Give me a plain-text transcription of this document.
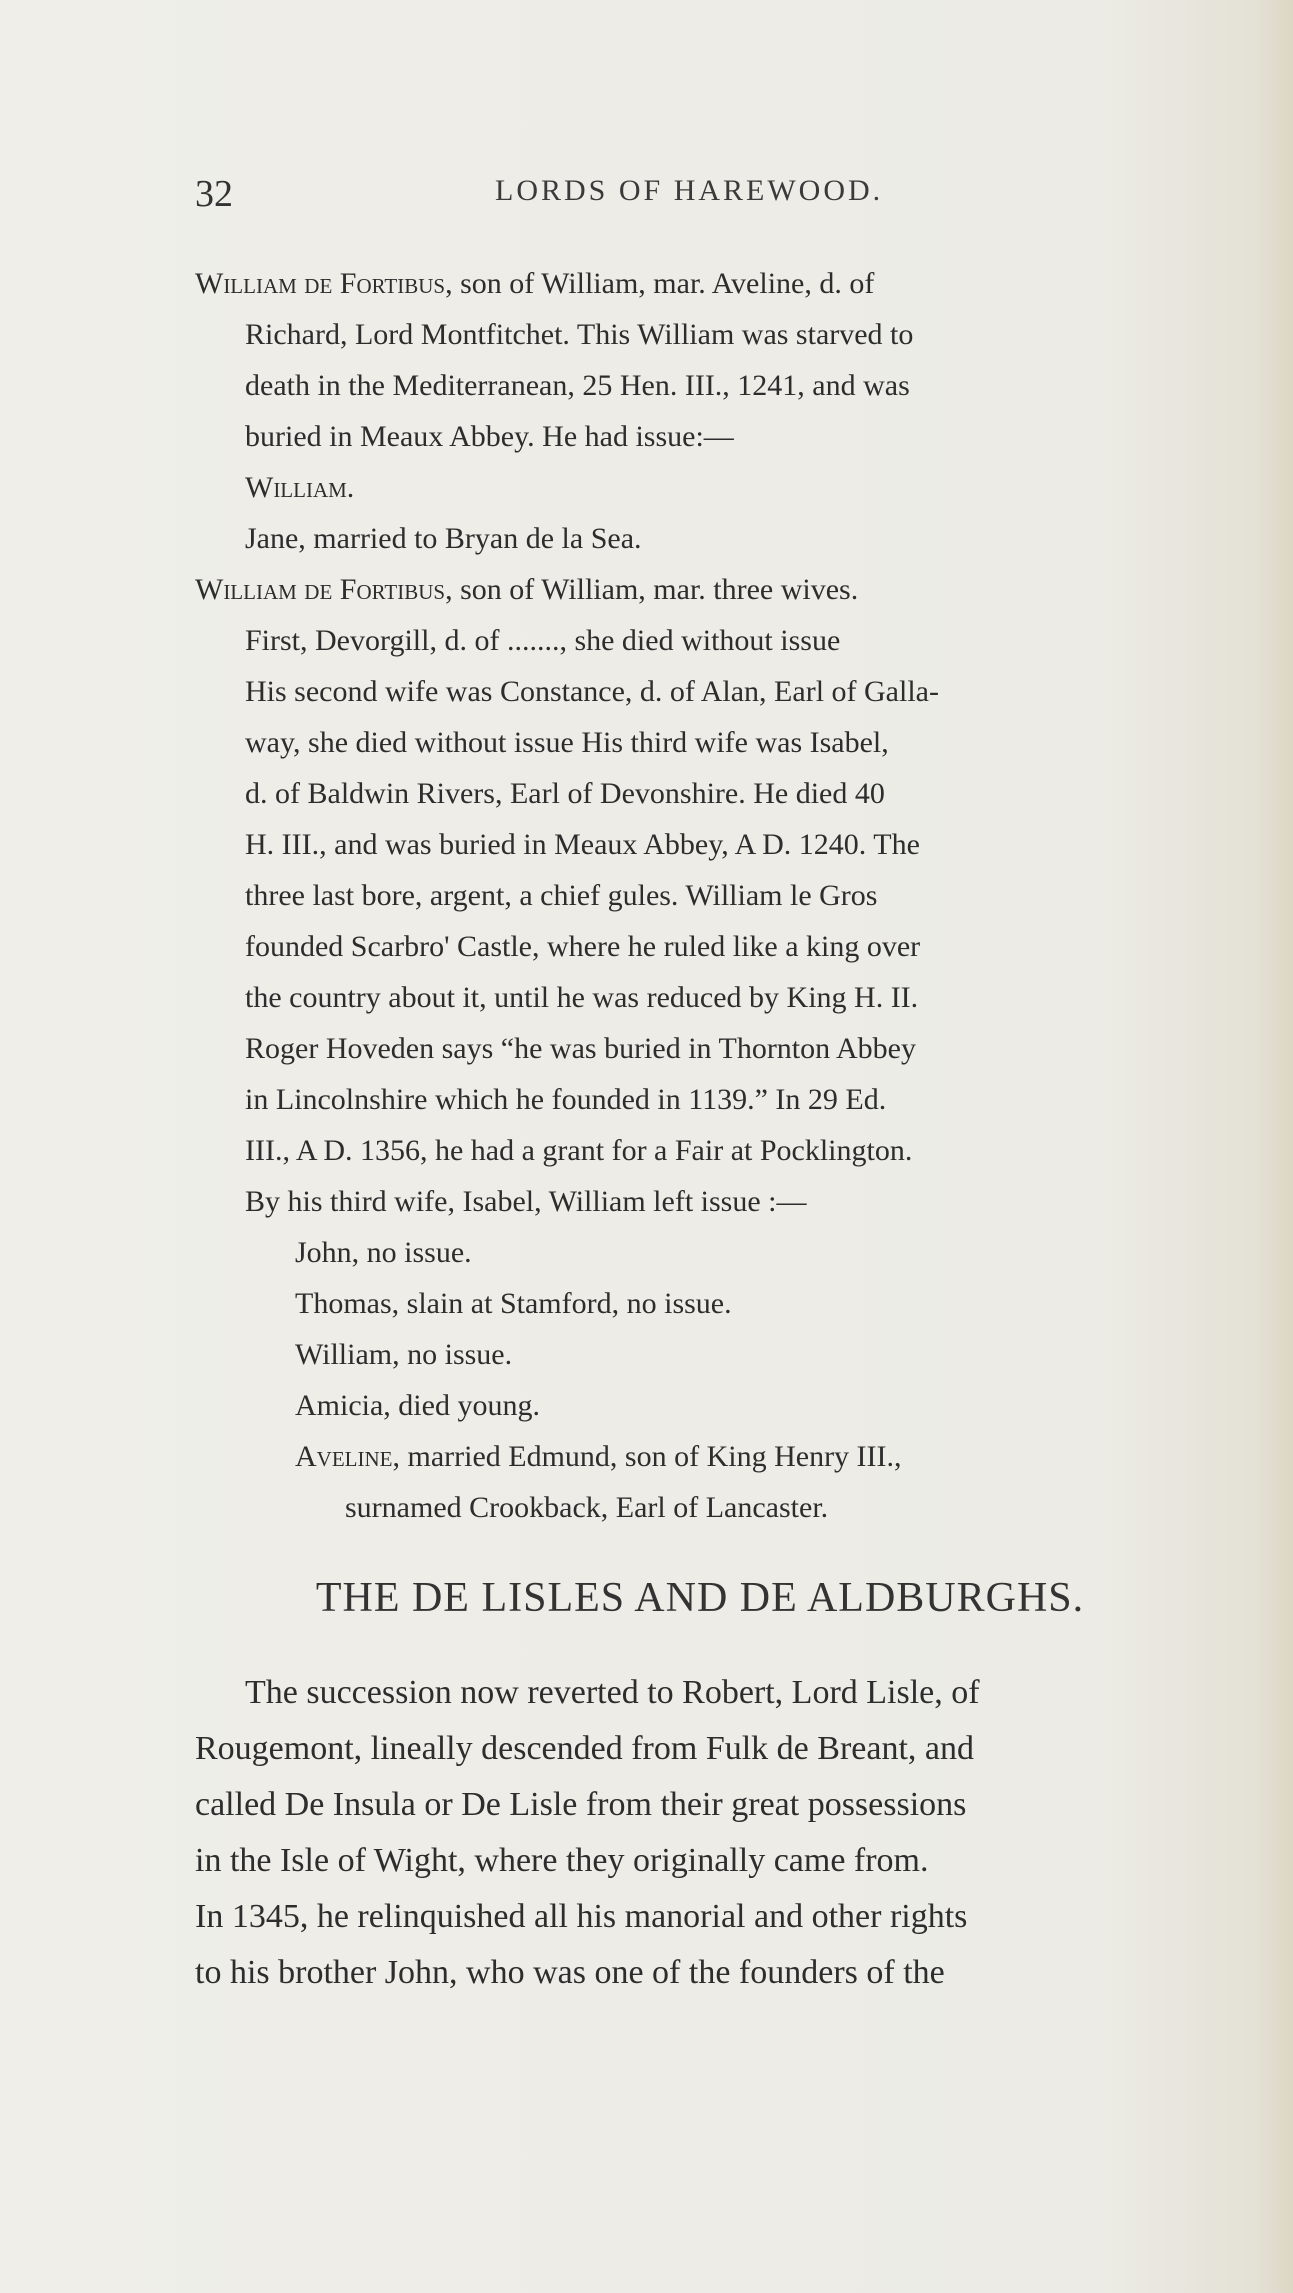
32	LORDS OF HAREWOOD.
William de Fortibus, son of William, mar. Aveline, d. of
Richard, Lord Montfitchet. This William was starved to
death in the Mediterranean, 25 Hen. III., 1241, and was
buried in Meaux Abbey. He had issue:—
William.
Jane, married to Bryan de la Sea.
William de Fortibus, son of William, mar. three wives.
First, Devorgill, d. of ......., she died without issue
His second wife was Constance, d. of Alan, Earl of Galla-
way, she died without issue His third wife was Isabel,
d. of Baldwin Rivers, Earl of Devonshire. He died 40
H. III., and was buried in Meaux Abbey, A D. 1240. The
three last bore, argent, a chief gules. William le Gros
founded Scarbro' Castle, where he ruled like a king over
the country about it, until he was reduced by King H. II.
Roger Hoveden says “he was buried in Thornton Abbey
in Lincolnshire which he founded in 1139.” In 29 Ed.
III., A D. 1356, he had a grant for a Fair at Pocklington.
By his third wife, Isabel, William left issue :—
John, no issue.
Thomas, slain at Stamford, no issue.
William, no issue.
Amicia, died young.
Aveline, married Edmund, son of King Henry III.,
surnamed Crookback, Earl of Lancaster.
THE DE LISLES AND DE ALDBURGHS.
The succession now reverted to Robert, Lord Lisle, of
Rougemont, lineally descended from Fulk de Breant, and
called De Insula or De Lisle from their great possessions
in the Isle of Wight, where they originally came from.
In 1345, he relinquished all his manorial and other rights
to his brother John, who was one of the founders of the
